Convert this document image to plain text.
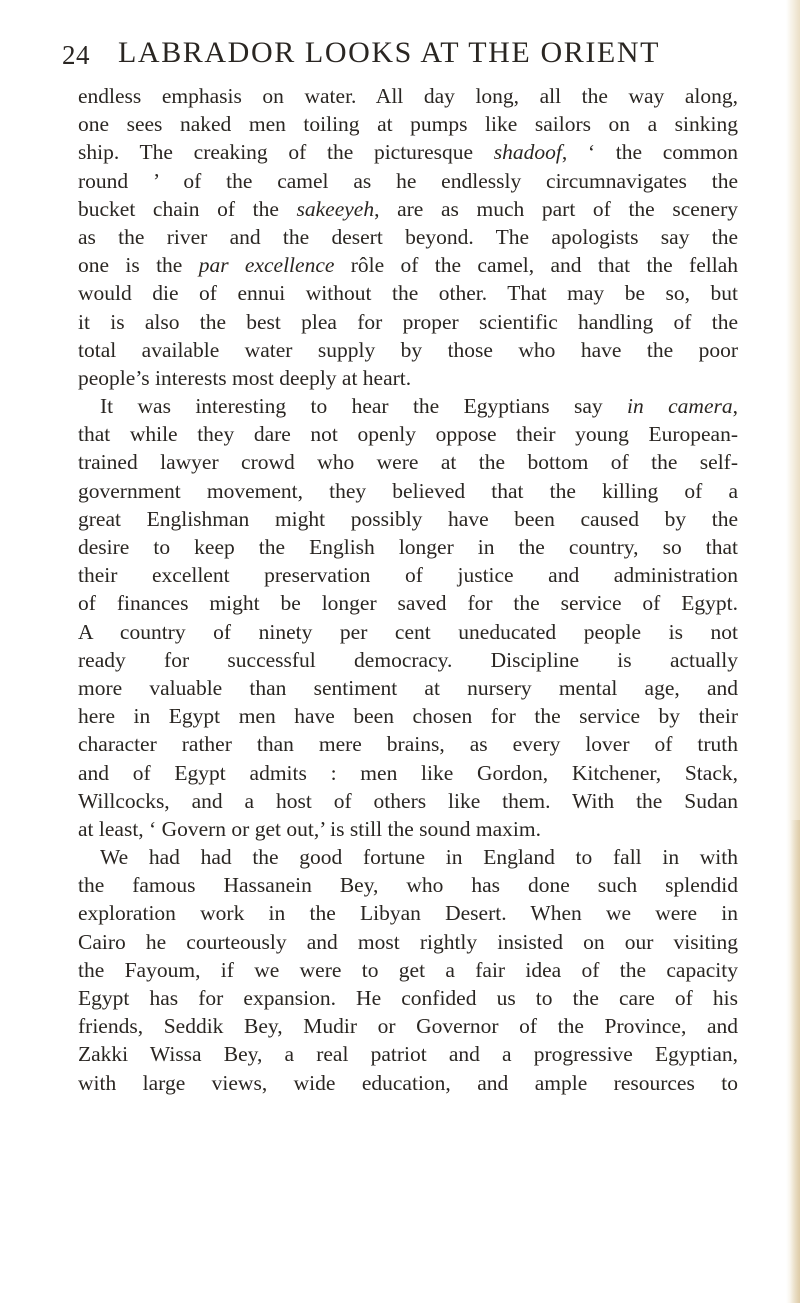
24 LABRADOR LOOKS AT THE ORIENT
endless emphasis on water. All day long, all the way along,
one sees naked men toiling at pumps like sailors on a sinking
ship. The creaking of the picturesque shadoof, ‘ the common
round ’ of the camel as he endlessly circumnavigates the
bucket chain of the sakeeyeh, are as much part of the scenery
as the river and the desert beyond. The apologists say the
one is the par excellence rôle of the camel, and that the fellah
would die of ennui without the other. That may be so, but
it is also the best plea for proper scientific handling of the
total available water supply by those who have the poor
people’s interests most deeply at heart.
It was interesting to hear the Egyptians say in camera,
that while they dare not openly oppose their young European-
trained lawyer crowd who were at the bottom of the self-
government movement, they believed that the killing of a
great Englishman might possibly have been caused by the
desire to keep the English longer in the country, so that
their excellent preservation of justice and administration
of finances might be longer saved for the service of Egypt.
A country of ninety per cent uneducated people is not
ready for successful democracy. Discipline is actually
more valuable than sentiment at nursery mental age, and
here in Egypt men have been chosen for the service by their
character rather than mere brains, as every lover of truth
and of Egypt admits : men like Gordon, Kitchener, Stack,
Willcocks, and a host of others like them. With the Sudan
at least, ‘ Govern or get out,’ is still the sound maxim.
We had had the good fortune in England to fall in with
the famous Hassanein Bey, who has done such splendid
exploration work in the Libyan Desert. When we were in
Cairo he courteously and most rightly insisted on our visiting
the Fayoum, if we were to get a fair idea of the capacity
Egypt has for expansion. He confided us to the care of his
friends, Seddik Bey, Mudir or Governor of the Province, and
Zakki Wissa Bey, a real patriot and a progressive Egyptian,
with large views, wide education, and ample resources to
